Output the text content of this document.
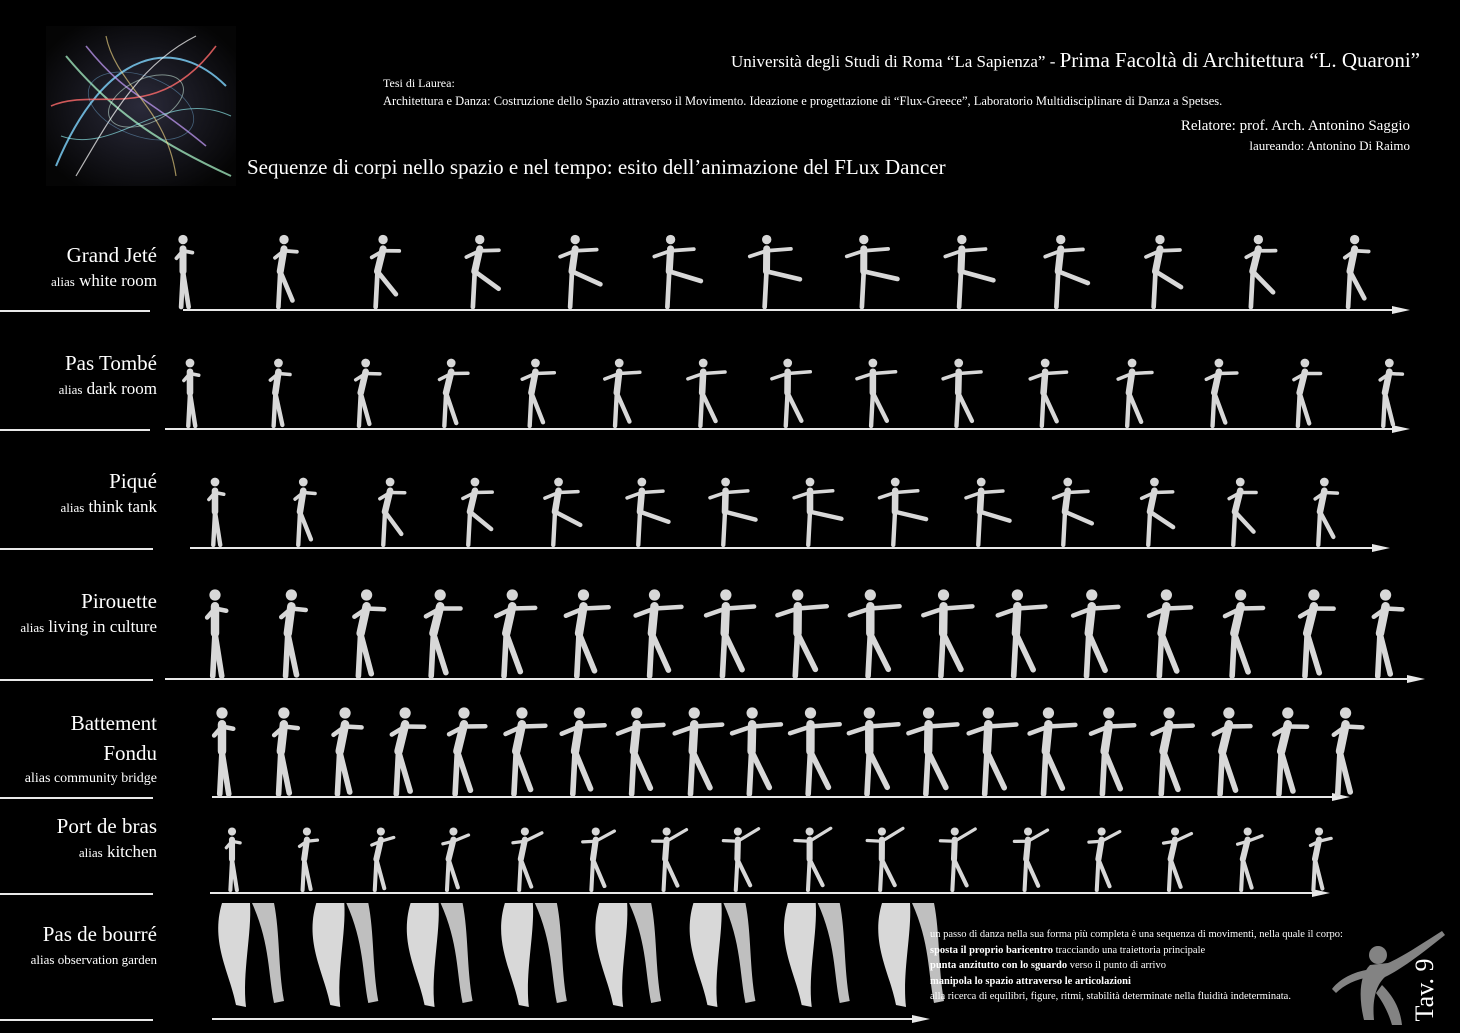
Università degli Studi di Roma “La Sapienza” - Prima Facoltà di Architettura “L. Quaroni”
Tesi di Laurea:
Architettura e Danza: Costruzione dello Spazio attraverso il Movimento. Ideazione e progettazione di “Flux-Greece”, Laboratorio Multidisciplinare di Danza a Spetses.
Relatore: prof. Arch. Antonino Saggio
laureando: Antonino Di Raimo
Sequenze di corpi nello spazio e nel tempo: esito dell’animazione del FLux Dancer
Grand Jeté
alias white room
Pas Tombé
alias dark room
Piqué
alias think tank
Pirouette
alias living in culture
Battement
Fondu
alias community bridge
Port de bras
alias kitchen
Pas de bourré
alias observation garden
un passo di danza nella sua forma più completa è una sequenza di movimenti, nella quale il corpo:
sposta il proprio baricentro tracciando una traiettoria principale
punta anzitutto con lo sguardo verso il punto di arrivo
manipola lo spazio attraverso le articolazioni
alla ricerca di equilibri, figure, ritmi, stabilità determinate nella fluidità indeterminata.	Tav. 9
